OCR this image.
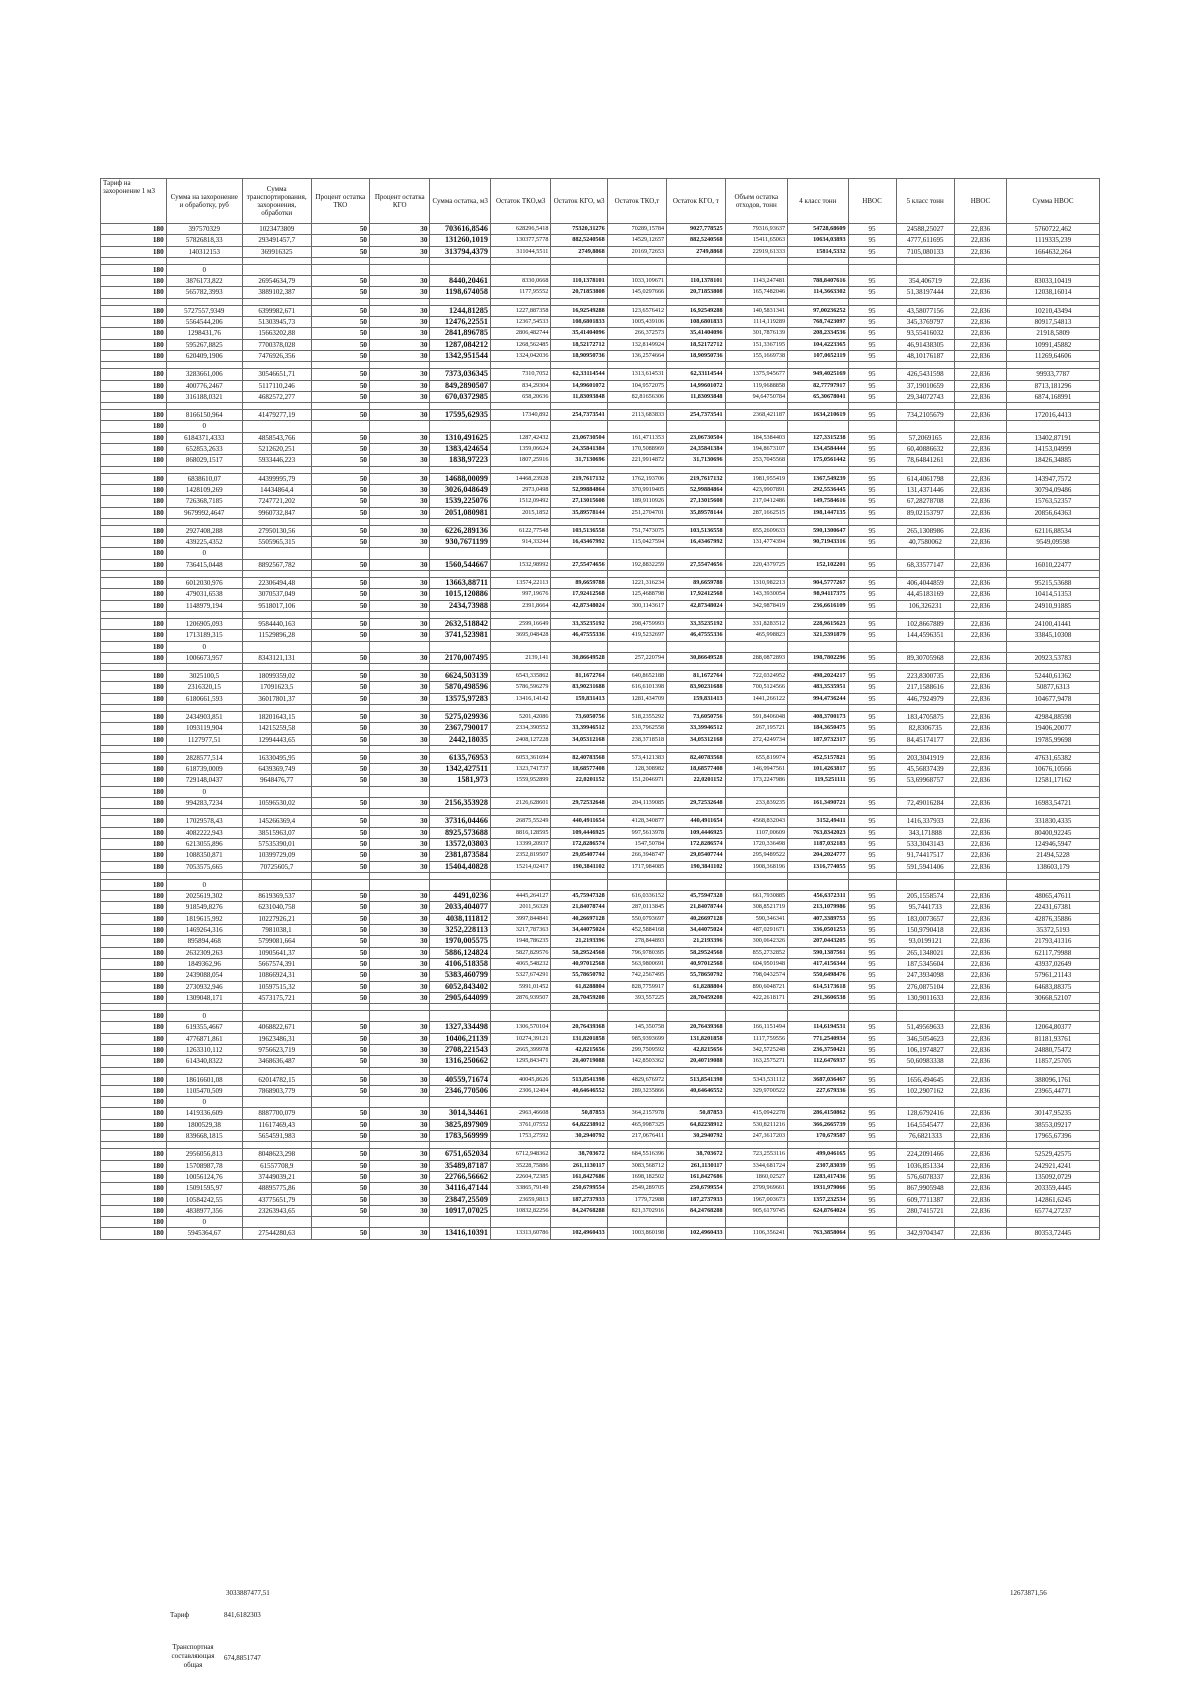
Тариф на захоронение 1 м3	Сумма на захоронение и обработку, руб	Сумма транспортирования, захоронения, обработки	Процент остатка ТКО	Процент остатка КГО	Сумма остатка, м3	Остаток ТКО,м3	Остаток КГО, м3	Остаток ТКО,т	Остаток КГО, т	Объем остатка отходов, тонн	4 класс тонн	НВОС	5 класс тонн	НВОС	Сумма НВОС
180	397570329	1023473809	50	30	703616,8546	628296,5418	75320,31276	70289,15784	9027,778525	79316,93637	54728,68609	95	24588,25027	22,836	5760722,462
180	57826818,33	293491457,7	50	30	131260,1019	130377,5778	882,5240568	14529,12657	882,5240568	15411,65063	10634,03893	95	4777,611695	22,836	1119335,239
180	140312153	369916325	50	30	313794,4379	311044,5511	2749,8868	20169,72653	2749,8868	22919,61333	15814,5332	95	7105,080133	22,836	1664632,264

180	0														
180	3876173,822	26954634,79	50	30	8440,20461	8330,0668	110,1378101	1033,109671	110,1378101	1143,247481	788,8407616	95	354,406719	22,836	83033,10419
180	565782,3993	3889102,387	50	30	1198,674058	1177,95552	20,71853808	145,0297666	20,71853808	165,7482046	114,3663302	95	51,38197444	22,836	12038,16014

180	5727557,9349	6399982,671	50	30	1244,81285	1227,887358	16,92549288	123,6576412	16,92549288	140,5831341	97,00236252	95	43,58077156	22,836	10210,43494
180	5564544,206	51303945,73	50	30	12476,22551	12367,54533	108,6801833	1005,439106	108,6801833	1114,119289	768,7423097	95	345,3769797	22,836	80917,54813
180	1298431,76	15663202,88	50	30	2841,896785	2806,482744	35,41404096	266,372573	35,41404096	301,7876139	208,2334536	95	93,55416032	22,836	21918,5809
180	595267,8825	7700378,028	50	30	1287,084212	1268,562485	18,52172712	132,8149924	18,52172712	151,3367195	104,4223365	95	46,91438305	22,836	10991,45882
180	620409,1906	7476926,356	50	30	1342,951544	1324,042036	18,90950736	136,2574664	18,90950736	155,1669738	107,0652119	95	48,10176187	22,836	11269,64606

180	3283661,006	30546651,71	50	30	7373,036345	7310,7052	62,33114544	1313,614531	62,33114544	1375,945677	949,4025169	95	426,5431598	22,836	99933,7787
180	400776,2467	5117110,246	50	30	849,2890507	834,29304	14,99601072	104,9572075	14,99601072	119,9688858	82,77797917	95	37,19010659	22,836	8713,181296
180	316188,0321	4682572,277	50	30	670,0372985	658,20636	11,83093848	82,81656306	11,83093848	94,64750784	65,30678041	95	29,34072743	22,836	6874,168991

180	8166150,964	41479277,19	50	30	17595,62935	17340,892	254,7373541	2113,683833	254,7373541	2368,421187	1634,210619	95	734,2105679	22,836	172016,4413
180	0														
180	6184371,4333	4858543,766	50	30	1310,491625	1287,42432	23,06730504	161,4711353	23,06730504	184,5384403	127,3315238	95	57,2069165	22,836	13402,87191
180	652853,2633	5212620,251	50	30	1383,424654	1359,06624	24,35841384	170,5088969	24,35841384	194,8673107	134,4584444	95	60,40886632	22,836	14153,04999
180	868029,1517	5933446,223	50	30	1838,97223	1807,25916	31,7130696	221,9914872	31,7130696	253,7045568	175,0561442	95	78,64841261	22,836	18426,34885

180	6838610,07	44399995,79	50	30	14688,00099	14468,23928	219,7617132	1762,193706	219,7617132	1981,955419	1367,549239	95	614,4061798	22,836	143947,7572
180	1428109,269	14434864,4	50	30	3026,048649	2973,0498	52,99884864	370,9919405	52,99884864	423,9907891	292,5536445	95	131,4371446	22,836	30794,09486
180	726368,7185	7247721,202	50	30	1539,225076	1512,09492	27,13015608	189,9110926	27,13015608	217,0412486	149,7584616	95	67,28278708	22,836	15763,52357
180	9679992,4647	9960732,847	50	30	2051,080981	2015,1852	35,89578144	251,2704701	35,89578144	287,1662515	198,1447135	95	89,02153797	22,836	20856,64363

180	2927408,288	27950130,56	50	30	6226,289136	6122,77548	103,5136558	751,7473075	103,5136558	855,2609633	590,1300647	95	265,1308986	22,836	62116,88534
180	439225,4352	5505965,315	50	30	930,7671199	914,33244	16,43467992	115,0427594	16,43467992	131,4774394	90,71943316	95	40,7580062	22,836	9549,09598
180	0														
180	736415,0448	8892567,782	50	30	1560,544667	1532,98992	27,55474656	192,8832259	27,55474656	220,4379725	152,102201	95	68,33577147	22,836	16010,22477

180	6012030,976	22306494,48	50	30	13663,88711	13574,22113	89,6659788	1221,316234	89,6659788	1310,982213	904,5777267	95	406,4044859	22,836	95215,53688
180	479031,6538	3070537,049	50	30	1015,120886	997,19676	17,92412568	125,4688798	17,92412568	143,3930054	98,94117375	95	44,45183169	22,836	10414,51353
180	1148979,194	9518017,106	50	30	2434,73988	2391,8664	42,87348024	300,1143617	42,87348024	342,9878419	236,6616109	95	106,326231	22,836	24910,91885

180	1206905,093	9584440,163	50	30	2632,518842	2599,16649	33,35235192	298,4759993	33,35235192	331,8283512	228,9615623	95	102,8667889	22,836	24100,41441
180	1713189,315	11529896,28	50	30	3741,523981	3695,048428	46,47555336	419,5232697	46,47555336	465,998823	321,5391879	95	144,4596351	22,836	33845,10308
180	0														
180	1006673,957	8343121,131	50	30	2170,007495	2139,141	30,86649528	257,220794	30,86649528	288,0872893	198,7802296	95	89,30705968	22,836	20923,53783

180	3025100,5	18099359,02	50	30	6624,503139	6543,335862	81,1672764	640,8652188	81,1672764	722,0324952	498,2024217	95	223,8300735	22,836	52440,61362
180	2316320,15	17091623,5	50	30	5870,498596	5786,596279	83,90231688	616,6101398	83,90231688	700,5124566	483,3535951	95	217,1588616	22,836	50877,6313
180	6180661,593	36017801,37	50	30	13575,97283	13416,14142	159,831413	1281,434709	159,831413	1441,266122	994,4736244	95	446,7924979	22,836	104677,9478

180	2434903,851	18201643,15	50	30	5275,029936	5201,42086	73,6050756	518,2355292	73,6050756	591,8406048	408,3700173	95	183,4705875	22,836	42984,88598
180	1093119,904	14215259,58	50	30	2367,790017	2334,390552	33,39946512	233,7962558	33,39946512	267,195721	184,3650475	95	82,8306735	22,836	19406,20077
180	1127977,51	12994443,65	50	30	2442,18035	2408,127228	34,05312168	238,3718518	34,05312168	272,4249734	187,9732317	95	84,45174177	22,836	19785,99698

180	2828577,514	16330495,95	50	30	6135,76953	6053,361694	82,40783568	573,4121383	82,40783568	655,819974	452,5157821	95	203,3041919	22,836	47631,65382
180	618739,0009	6439369,749	50	30	1342,427511	1323,741737	18,68577408	128,308982	18,68577408	146,9947561	101,4263817	95	45,56837439	22,836	10676,10566
180	729148,0437	9648476,77	50	30	1581,973	1559,952899	22,0201152	151,2046971	22,0201152	173,2247986	119,5251111	95	53,69968757	22,836	12581,17162
180	0														
180	994283,7234	10596530,02	50	30	2156,353928	2126,628601	29,72532648	204,1139085	29,72532648	233,839235	161,3490721	95	72,49016284	22,836	16983,54721

180	17029578,43	145266369,4	50	30	37316,04466	26875,55249	440,4911654	4128,340877	440,4911654	4568,832043	3152,49411	95	1416,337933	22,836	331830,4335
180	4082222,943	38515963,07	50	30	8925,573688	8816,128595	109,4446925	997,5613978	109,4446925	1107,00609	763,8342023	95	343,171888	22,836	80400,92245
180	6213055,896	57535390,01	50	30	13572,03803	13399,20937	172,8286574	1547,50784	172,8286574	1720,336498	1187,032183	95	533,3043143	22,836	124946,5947
180	1088350,871	10399729,09	50	30	2381,873584	2352,819507	29,05407744	266,3948747	29,05407744	295,9489522	204,2024777	95	91,74417517	22,836	21494,5228
180	7053575,665	70725605,7	50	30	15404,40828	15214,02417	190,3841102	1717,984085	190,3841102	1908,368196	1316,774055	95	591,5941406	22,836	138603,179

180	0														
180	2025619,302	8619369,537	50	30	4491,0236	4445,264127	45,75947328	616,0336152	45,75947328	661,7930885	456,6372311	95	205,1558574	22,836	48065,47611
180	918549,8276	6231040,758	50	30	2033,404077	2011,56329	21,84078744	287,0113845	21,84078744	308,8521719	213,1079986	95	95,7441733	22,836	22431,67381
180	1819615,992	10227926,21	50	30	4038,111812	3997,844841	40,26697128	550,0793697	40,26697128	590,346341	407,3389753	95	183,0073657	22,836	42876,35886
180	1469264,316	7981038,1	50	30	3252,228113	3217,787363	34,44075024	452,5884168	34,44075024	487,0291671	336,0501253	95	150,9790418	22,836	35372,5193
180	895894,468	5799081,664	50	30	1970,005575	1948,786235	21,2193396	278,844893	21,2193396	300,0642326	207,0443205	95	93,0199121	22,836	21793,41316
180	2632309,263	10905641,37	50	30	5886,124824	5827,829576	58,29524568	796,9780395	58,29524568	855,2732852	590,1387561	95	265,1348021	22,836	62117,79988
180	1849362,96	5667574,391	50	30	4106,518358	4065,548232	40,97012568	563,9800691	40,97012568	604,9501948	417,4156344	95	187,5345604	22,836	43937,02649
180	2439088,054	10866924,31	50	30	5383,460799	5327,674291	55,78650792	742,2567495	55,78650792	798,0432574	550,6498476	95	247,3934098	22,836	57961,21143
180	2730932,946	10597515,32	50	30	6052,843402	5991,01452	61,8288804	828,7759917	61,8288804	890,6048721	614,5173618	95	276,0875104	22,836	64683,88375
180	1309048,171	4573175,721	50	30	2905,644099	2876,939507	28,70459208	393,557225	28,70459208	422,2618171	291,3606538	95	130,9011633	22,836	30668,52107

180	0														
180	619355,4667	4068822,671	50	30	1327,334498	1306,570104	20,76439368	145,350758	20,76439368	166,1151494	114,6194531	95	51,49569633	22,836	12064,80377
180	4776871,861	19623486,31	50	30	10406,21139	10274,39121	131,8201858	985,9393699	131,8201858	1117,759556	771,2540934	95	346,5054623	22,836	81181,93761
180	1263310,112	9756623,719	50	30	2708,221543	2665,399978	42,8215656	299,7509592	42,8215656	342,5725248	236,3750421	95	106,1974827	22,836	24880,75472
180	614340,8322	3468636,487	50	30	1316,250662	1295,843471	20,40719088	142,8503362	20,40719088	163,2575271	112,6476937	95	50,60983338	22,836	11857,25705

180	18616601,08	62014782,15	50	30	40559,71674	40045,8626	513,8541398	4829,676972	513,8541398	5343,531112	3687,036467	95	1656,494645	22,836	388096,1761
180	1105470,509	7868903,779	50	30	2346,770506	2306,12404	40,64646552	289,3235866	40,64646552	329,9700522	227,679336	95	102,2907162	22,836	23965,44771
180	0														
180	1419336,609	8887700,079	50	30	3014,34461	2963,46608	50,87853	364,2157978	50,87853	415,0942278	286,4150862	95	128,6792416	22,836	30147,95235
180	1800529,38	11617469,43	50	30	3825,897909	3761,07552	64,82238912	465,9987325	64,82238912	530,8211216	366,2665739	95	164,5545477	22,836	38553,09217
180	839668,1815	5654591,983	50	30	1783,569999	1753,27592	30,2940792	217,0676411	30,2940792	247,3617203	170,679587	95	76,6821333	22,836	17965,67396

180	2956056,813	8048623,298	50	30	6751,652034	6712,948362	38,703672	684,5516396	38,703672	723,2553116	499,046165	95	224,2091466	22,836	52529,42575
180	15708987,78	61557708,9	50	30	35489,87187	35228,75886	261,1130117	3083,568712	261,1130117	3344,681724	2307,83039	95	1036,851334	22,836	242921,4241
180	10056124,76	37449039,21	50	30	22766,56662	22604,72385	161,8427686	1698,182502	161,8427686	1860,02527	1283,417436	95	576,6078337	22,836	135092,0729
180	15091595,97	48895775,86	50	30	34116,47144	33865,79149	250,6799554	2549,289705	250,6799554	2799,969661	1931,979066	95	867,9905948	22,836	203359,4445
180	10584242,55	43775651,79	50	30	23847,25509	23659,9813	187,2737933	1779,72988	187,2737933	1967,003673	1357,232534	95	609,7711387	22,836	142861,6245
180	4838977,356	23263943,65	50	30	10917,07025	10832,82256	84,24768288	821,3702916	84,24768288	905,6179745	624,8764024	95	280,7415721	22,836	65774,27237
180	0														
180	5945364,67	27544280,63	50	30	13416,10391	13313,60786	102,4960433	1003,860198	102,4960433	1106,356241	763,3858064	95	342,9704347	22,836	80353,72445
3033887477,51	12673871,56
Тариф	841,6182303
Транспортная составляющая общая
674,8851747
